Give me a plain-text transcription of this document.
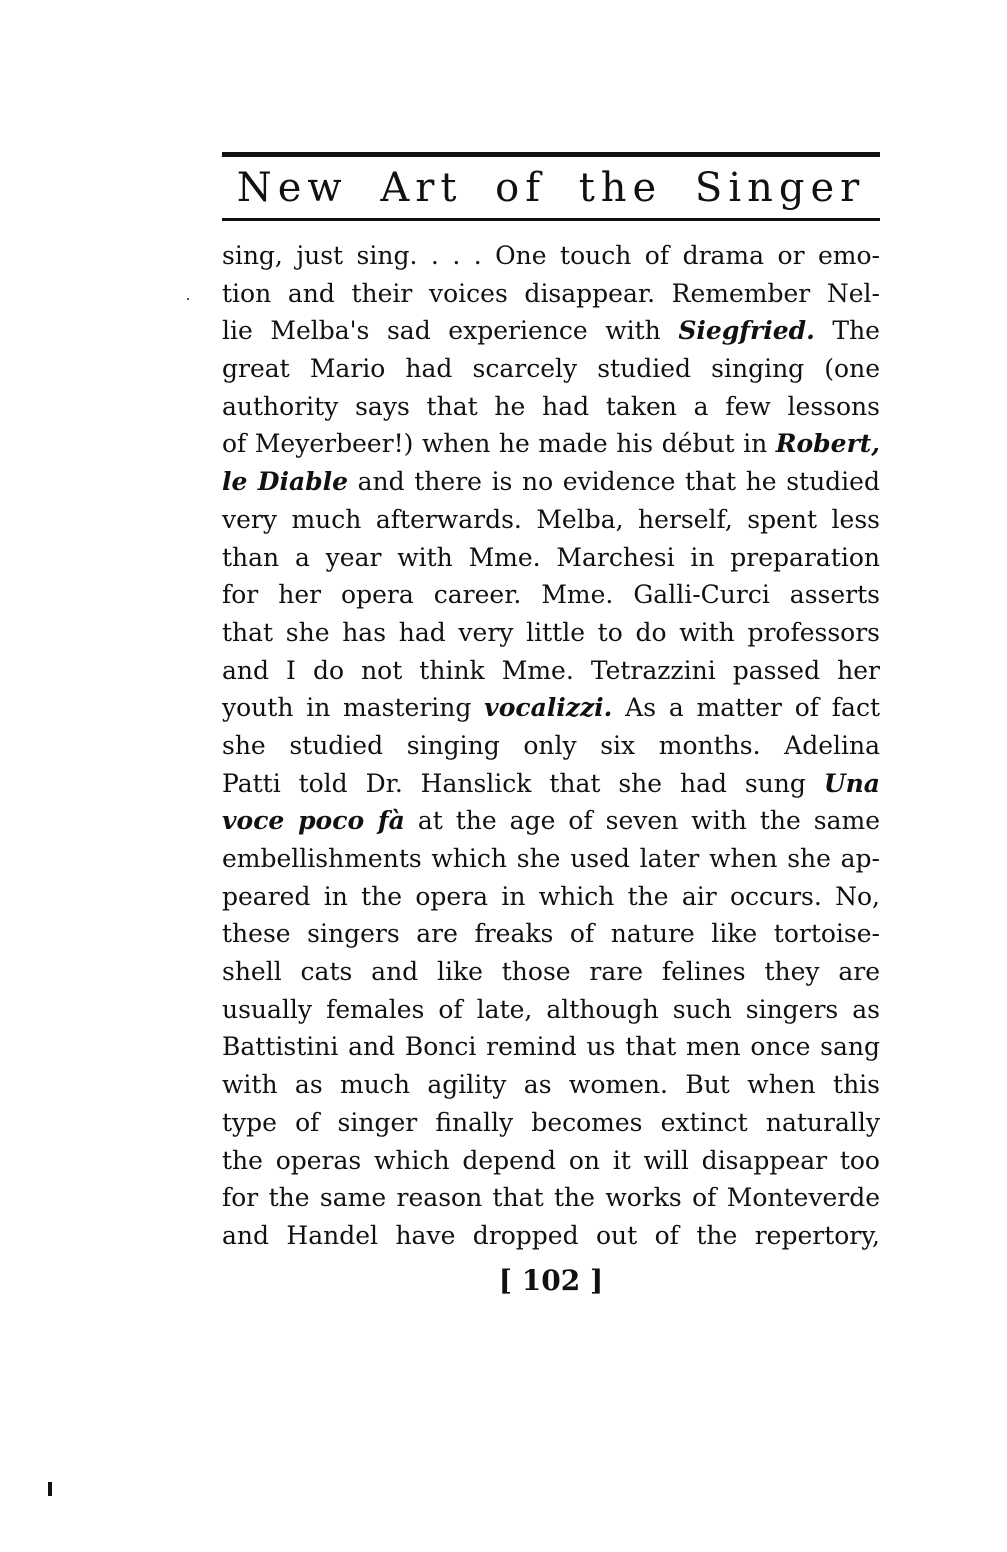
New Art of the Singer
sing, just sing. . . . One touch of drama or emo-
tion and their voices disappear. Remember Nel-
lie Melba's sad experience with Siegfried. The
great Mario had scarcely studied singing (one
authority says that he had taken a few lessons
of Meyerbeer!) when he made his début in Robert,
le Diable and there is no evidence that he studied
very much afterwards. Melba, herself, spent less
than a year with Mme. Marchesi in preparation
for her opera career. Mme. Galli-Curci asserts
that she has had very little to do with professors
and I do not think Mme. Tetrazzini passed her
youth in mastering vocalizzi. As a matter of fact
she studied singing only six months. Adelina
Patti told Dr. Hanslick that she had sung Una
voce poco fà at the age of seven with the same
embellishments which she used later when she ap-
peared in the opera in which the air occurs. No,
these singers are freaks of nature like tortoise-
shell cats and like those rare felines they are
usually females of late, although such singers as
Battistini and Bonci remind us that men once sang
with as much agility as women. But when this
type of singer finally becomes extinct naturally
the operas which depend on it will disappear too
for the same reason that the works of Monteverde
and Handel have dropped out of the repertory,
[ 102 ]
